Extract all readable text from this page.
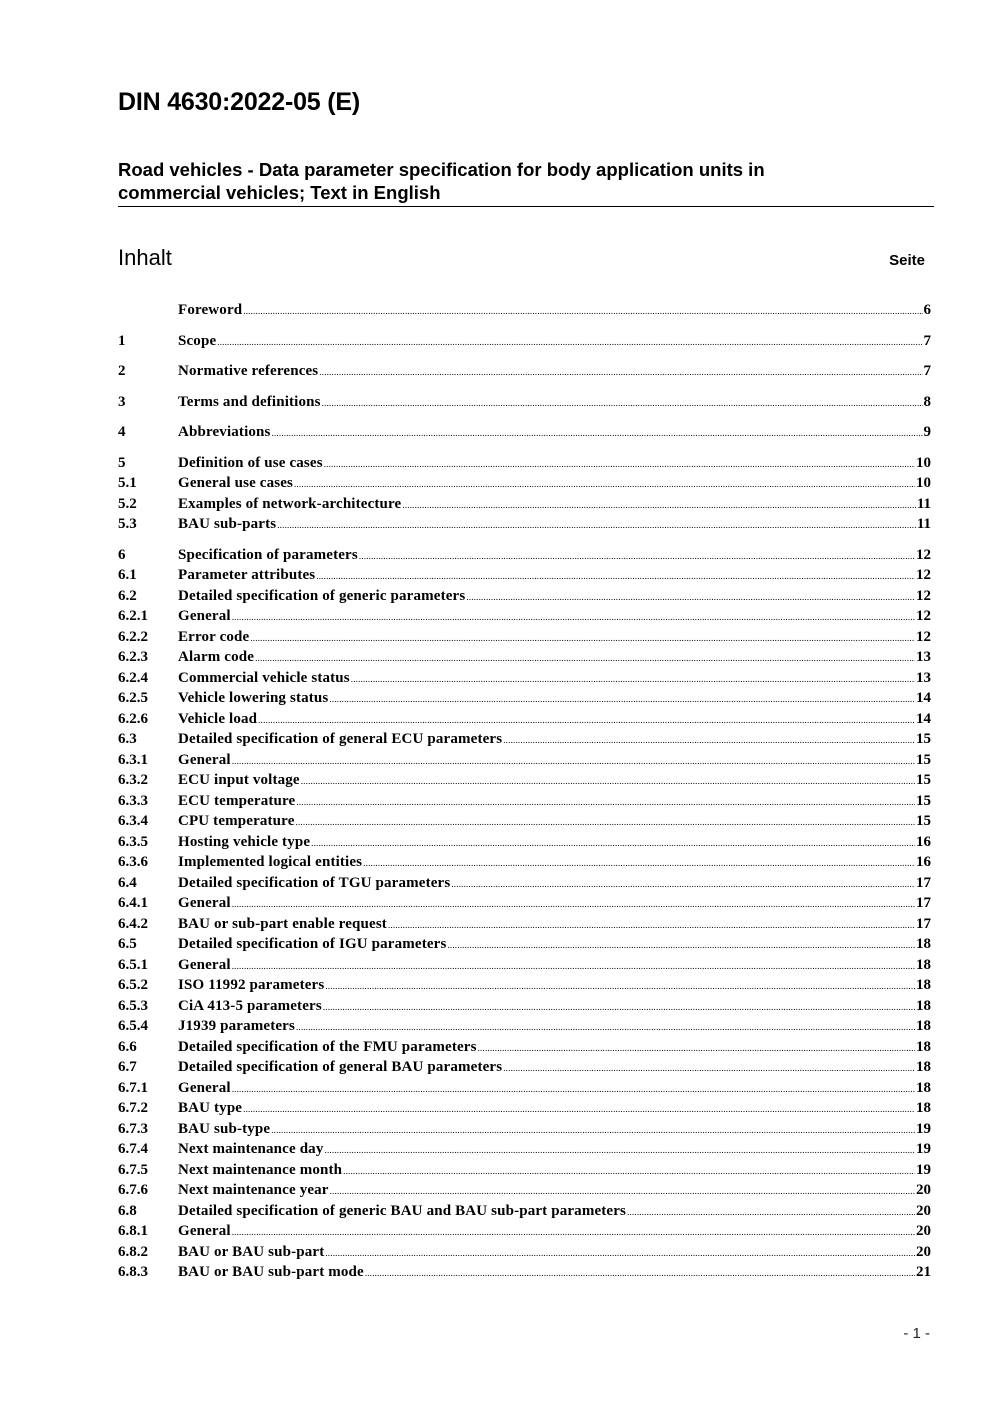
DIN 4630:2022-05 (E)
Road vehicles - Data parameter specification for body application units in
commercial vehicles; Text in English
Inhalt	Seite
Foreword .....	6
1	Scope .....	7
2	Normative references .....	7
3	Terms and definitions .....	8
4	Abbreviations .....	9
5	Definition of use cases .....	10
5.1	General use cases .....	10
5.2	Examples of network-architecture .....	11
5.3	BAU sub-parts .....	11
6	Specification of parameters .....	12
6.1	Parameter attributes .....	12
6.2	Detailed specification of generic parameters .....	12
6.2.1	General .....	12
6.2.2	Error code .....	12
6.2.3	Alarm code .....	13
6.2.4	Commercial vehicle status .....	13
6.2.5	Vehicle lowering status .....	14
6.2.6	Vehicle load .....	14
6.3	Detailed specification of general ECU parameters .....	15
6.3.1	General .....	15
6.3.2	ECU input voltage .....	15
6.3.3	ECU temperature .....	15
6.3.4	CPU temperature .....	15
6.3.5	Hosting vehicle type .....	16
6.3.6	Implemented logical entities .....	16
6.4	Detailed specification of TGU parameters .....	17
6.4.1	General .....	17
6.4.2	BAU or sub-part enable request .....	17
6.5	Detailed specification of IGU parameters .....	18
6.5.1	General .....	18
6.5.2	ISO 11992 parameters .....	18
6.5.3	CiA 413-5 parameters .....	18
6.5.4	J1939 parameters .....	18
6.6	Detailed specification of the FMU parameters .....	18
6.7	Detailed specification of general BAU parameters .....	18
6.7.1	General .....	18
6.7.2	BAU type .....	18
6.7.3	BAU sub-type .....	19
6.7.4	Next maintenance day .....	19
6.7.5	Next maintenance month .....	19
6.7.6	Next maintenance year .....	20
6.8	Detailed specification of generic BAU and BAU sub-part parameters .....	20
6.8.1	General .....	20
6.8.2	BAU or BAU sub-part .....	20
6.8.3	BAU or BAU sub-part mode .....	21
- 1 -
